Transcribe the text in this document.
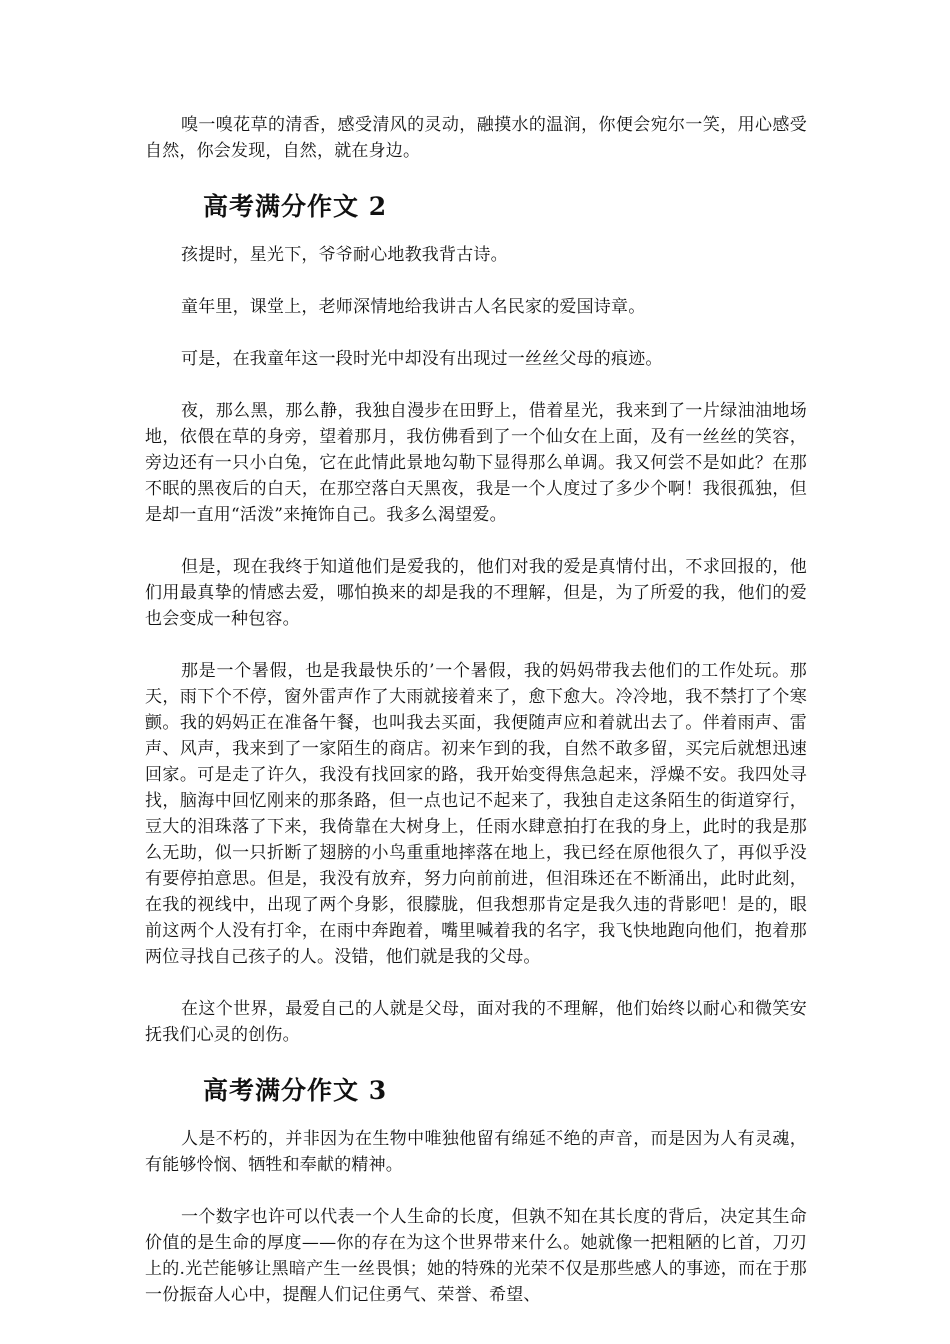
嗅一嗅花草的清香，感受清风的灵动，融摸水的温润，你便会宛尔一笑，用心感受自然，你会发现，自然，就在身边。

高考满分作文 2

孩提时，星光下，爷爷耐心地教我背古诗。

童年里，课堂上，老师深情地给我讲古人名民家的爱国诗章。

可是，在我童年这一段时光中却没有出现过一丝丝父母的痕迹。

夜，那么黑，那么静，我独自漫步在田野上，借着星光，我来到了一片绿油油地场地，依偎在草的身旁，望着那月，我仿佛看到了一个仙女在上面，及有一丝丝的笑容，旁边还有一只小白兔，它在此情此景地勾勒下显得那么单调。我又何尝不是如此？在那不眠的黑夜后的白天，在那空落白天黑夜，我是一个人度过了多少个啊！我很孤独，但是却一直用“活泼”来掩饰自己。我多么渴望爱。

但是，现在我终于知道他们是爱我的，他们对我的爱是真情付出，不求回报的，他们用最真挚的情感去爱，哪怕换来的却是我的不理解，但是，为了所爱的我，他们的爱也会变成一种包容。

那是一个暑假，也是我最快乐的’一个暑假，我的妈妈带我去他们的工作处玩。那天，雨下个不停，窗外雷声作了大雨就接着来了，愈下愈大。冷冷地，我不禁打了个寒颤。我的妈妈正在准备午餐，也叫我去买面，我便随声应和着就出去了。伴着雨声、雷声、风声，我来到了一家陌生的商店。初来乍到的我，自然不敢多留，买完后就想迅速回家。可是走了许久，我没有找回家的路，我开始变得焦急起来，浮燥不安。我四处寻找，脑海中回忆刚来的那条路，但一点也记不起来了，我独自走这条陌生的街道穿行，豆大的泪珠落了下来，我倚靠在大树身上，任雨水肆意拍打在我的身上，此时的我是那么无助，似一只折断了翅膀的小鸟重重地摔落在地上，我已经在原他很久了，再似乎没有要停拍意思。但是，我没有放弃，努力向前前进，但泪珠还在不断涌出，此时此刻，在我的视线中，出现了两个身影，很朦胧，但我想那肯定是我久违的背影吧！是的，眼前这两个人没有打伞，在雨中奔跑着，嘴里喊着我的名字，我飞快地跑向他们，抱着那两位寻找自己孩子的人。没错，他们就是我的父母。

在这个世界，最爱自己的人就是父母，面对我的不理解，他们始终以耐心和微笑安抚我们心灵的创伤。

高考满分作文 3

人是不朽的，并非因为在生物中唯独他留有绵延不绝的声音，而是因为人有灵魂，有能够怜悯、牺牲和奉献的精神。

一个数字也许可以代表一个人生命的长度，但孰不知在其长度的背后，决定其生命价值的是生命的厚度——你的存在为这个世界带来什么。她就像一把粗陋的匕首，刀刃上的.光芒能够让黑暗产生一丝畏惧；她的特殊的光荣不仅是那些感人的事迹，而在于那一份振奋人心中，提醒人们记住勇气、荣誉、希望、
